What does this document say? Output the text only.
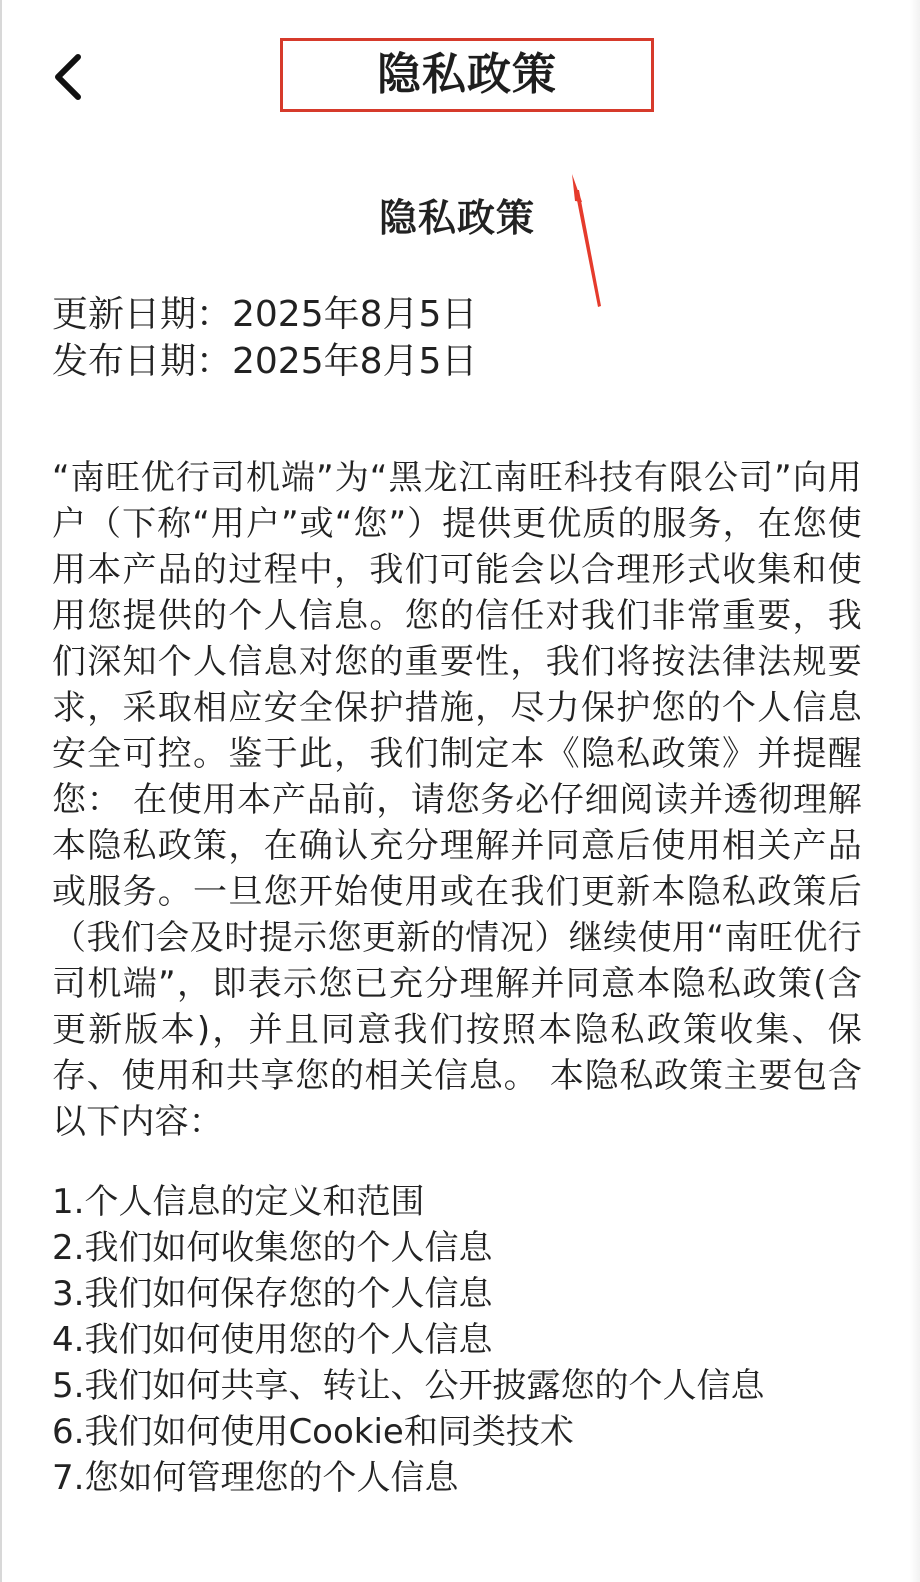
隐私政策
隐私政策
更新日期：2025年8月5日
发布日期：2025年8月5日

“南旺优行司机端”为“黑龙江南旺科技有限公司”向用户（下称“用户”或“您”）提供更优质的服务，在您使用本产品的过程中，我们可能会以合理形式收集和使用您提供的个人信息。您的信任对我们非常重要，我们深知个人信息对您的重要性，我们将按法律法规要求，采取相应安全保护措施，尽力保护您的个人信息安全可控。鉴于此，我们制定本《隐私政策》并提醒您： 在使用本产品前，请您务必仔细阅读并透彻理解本隐私政策，在确认充分理解并同意后使用相关产品或服务。一旦您开始使用或在我们更新本隐私政策后（我们会及时提示您更新的情况）继续使用“南旺优行司机端”，即表示您已充分理解并同意本隐私政策(含更新版本)，并且同意我们按照本隐私政策收集、保存、使用和共享您的相关信息。 本隐私政策主要包含以下内容：

1.个人信息的定义和范围
2.我们如何收集您的个人信息
3.我们如何保存您的个人信息
4.我们如何使用您的个人信息
5.我们如何共享、转让、公开披露您的个人信息
6.我们如何使用Cookie和同类技术
7.您如何管理您的个人信息
